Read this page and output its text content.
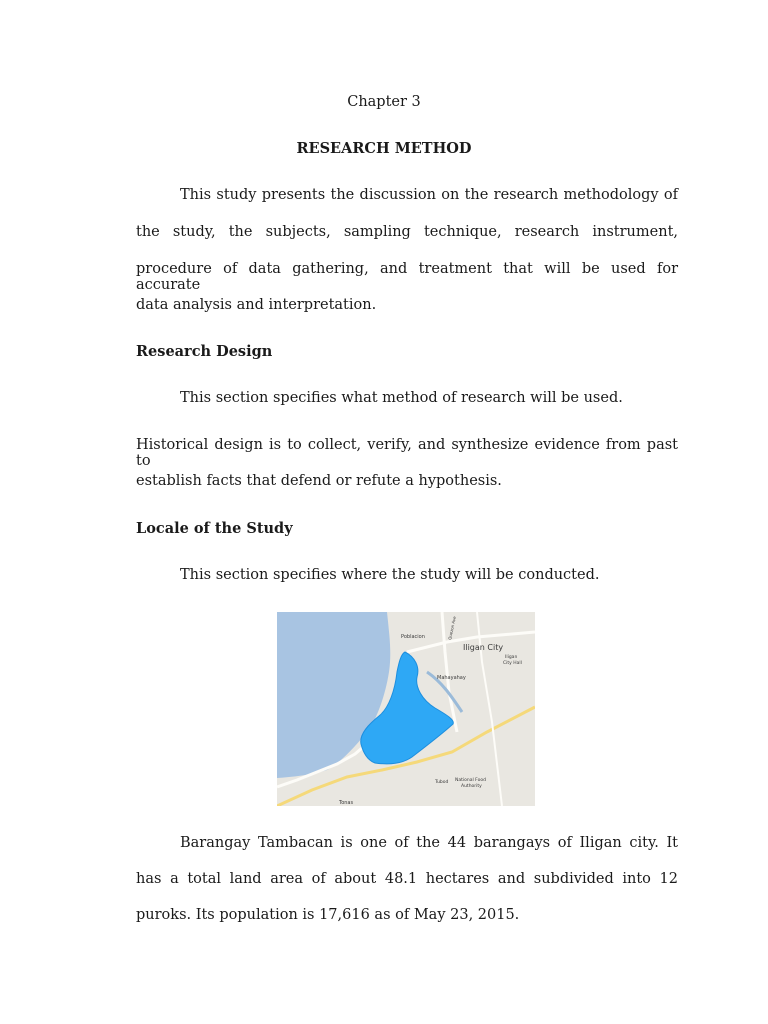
Chapter 3

RESEARCH METHOD

This study presents the discussion on the research methodology of

the study, the subjects, sampling technique, research instrument,

procedure of data gathering, and treatment that will be used for accurate

data analysis and interpretation.

Research Design

This section specifies what method of research will be used.

Historical design is to collect, verify, and synthesize evidence from past to

establish facts that defend or refute a hypothesis.

Locale of the Study

This section specifies where the study will be conducted.

Poblacion
Iligan City
Mahayahay
Iligan
City Hall
Tubod National Food
Authority
Tonas
Quezon Ave

Barangay Tambacan is one of the 44 barangays of Iligan city. It

has a total land area of about 48.1 hectares and subdivided into 12

puroks. Its population is 17,616 as of May 23, 2015.
